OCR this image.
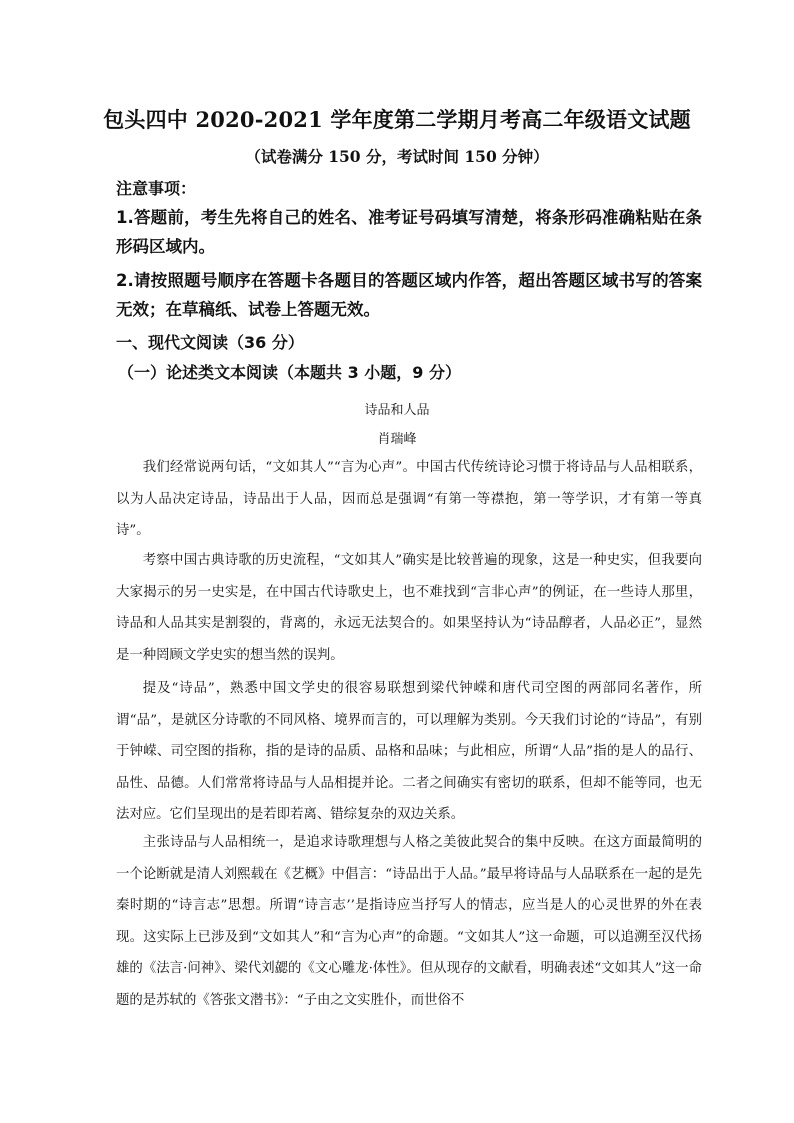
包头四中 2020-2021 学年度第二学期月考高二年级语文试题
（试卷满分 150 分，考试时间 150 分钟）
注意事项：
1.答题前，考生先将自己的姓名、准考证号码填写清楚，将条形码准确粘贴在条形码区域内。
2.请按照题号顺序在答题卡各题目的答题区域内作答，超出答题区域书写的答案无效；在草稿纸、试卷上答题无效。
一、现代文阅读（36 分）
（一）论述类文本阅读（本题共 3 小题，9 分）
诗品和人品
肖瑞峰

我们经常说两句话，“文如其人”“言为心声”。中国古代传统诗论习惯于将诗品与人品相联系，以为人品决定诗品，诗品出于人品，因而总是强调“有第一等襟抱，第一等学识，才有第一等真诗”。

考察中国古典诗歌的历史流程，“文如其人”确实是比较普遍的现象，这是一种史实，但我要向大家揭示的另一史实是，在中国古代诗歌史上，也不难找到“言非心声”的例证，在一些诗人那里，诗品和人品其实是割裂的，背离的，永远无法契合的。如果坚持认为“诗品醇者，人品必正”，显然是一种罔顾文学史实的想当然的误判。

提及“诗品”，熟悉中国文学史的很容易联想到梁代钟嵘和唐代司空图的两部同名著作，所谓“品”，是就区分诗歌的不同风格、境界而言的，可以理解为类别。今天我们讨论的“诗品”，有别于钟嵘、司空图的指称，指的是诗的品质、品格和品味；与此相应，所谓“人品”指的是人的品行、品性、品德。人们常常将诗品与人品相提并论。二者之间确实有密切的联系，但却不能等同，也无法对应。它们呈现出的是若即若离、错综复杂的双边关系。

主张诗品与人品相统一，是追求诗歌理想与人格之美彼此契合的集中反映。在这方面最简明的一个论断就是清人刘熙载在《艺概》中倡言：“诗品出于人品。”最早将诗品与人品联系在一起的是先秦时期的“诗言志”思想。所谓“诗言志’’是指诗应当抒写人的情志，应当是人的心灵世界的外在表现。这实际上已涉及到“文如其人”和“言为心声”的命题。“文如其人”这一命题，可以追溯至汉代扬雄的《法言·问神》、梁代刘勰的《文心雕龙·体性》。但从现存的文献看，明确表述“文如其人”这一命题的是苏轼的《答张文潜书》：“子由之文实胜仆，而世俗不
